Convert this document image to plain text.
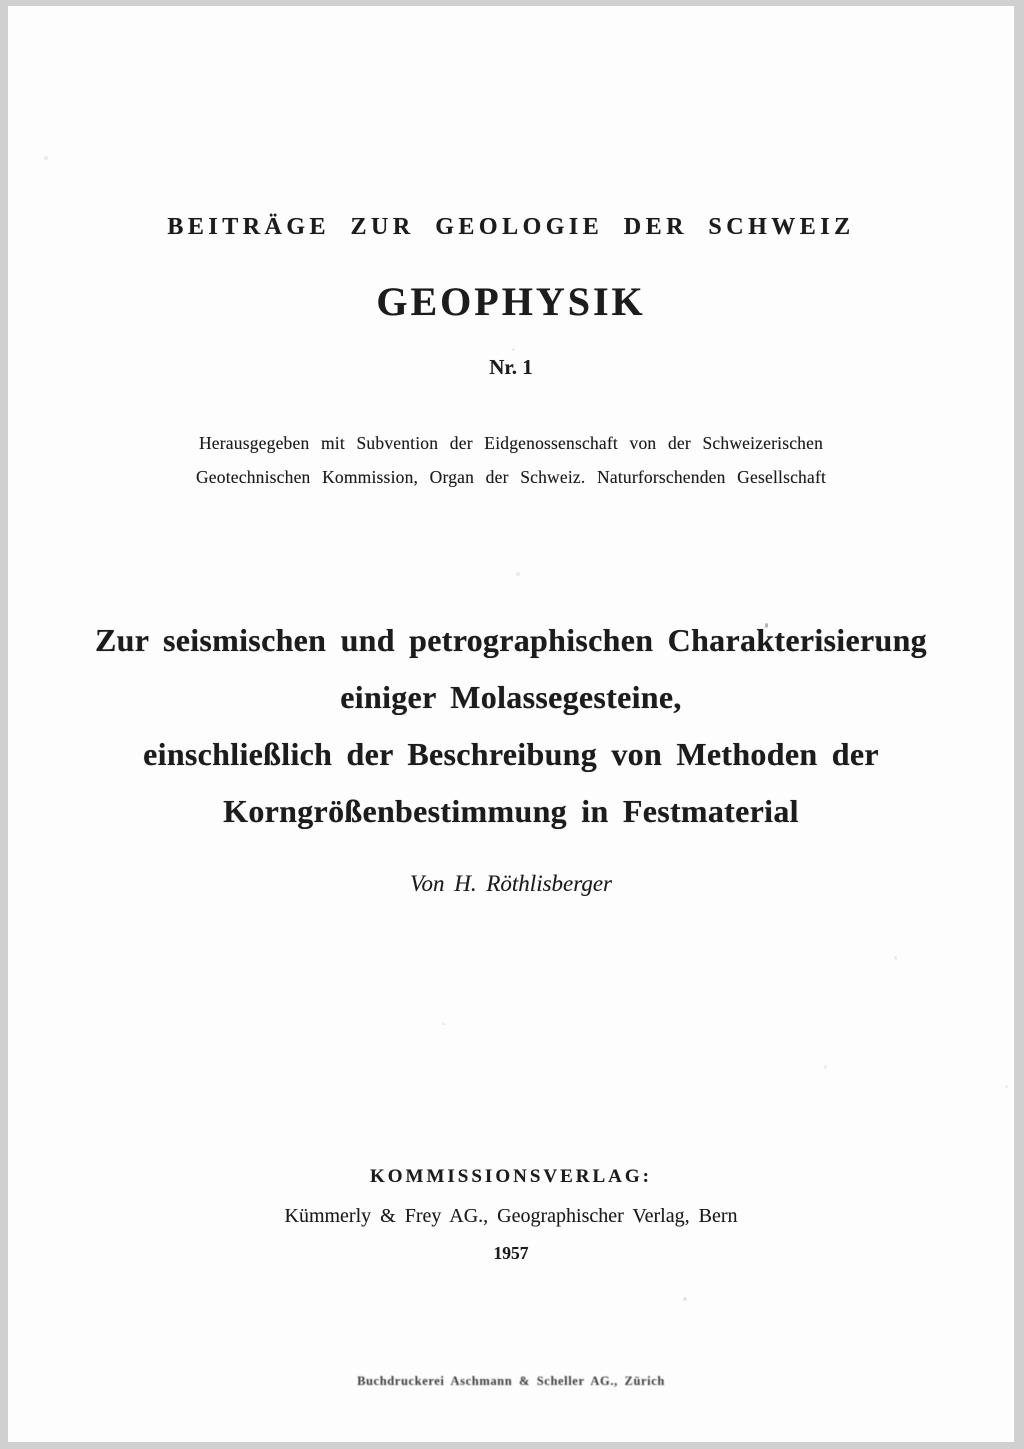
BEITRÄGE ZUR GEOLOGIE DER SCHWEIZ
GEOPHYSIK
Nr. 1
Herausgegeben mit Subvention der Eidgenossenschaft von der Schweizerischen
Geotechnischen Kommission, Organ der Schweiz. Naturforschenden Gesellschaft
Zur seismischen und petrographischen Charakterisierung
einiger Molassegesteine,
einschließlich der Beschreibung von Methoden der
Korngrößenbestimmung in Festmaterial
Von H. Röthlisberger
KOMMISSIONSVERLAG:
Kümmerly & Frey AG., Geographischer Verlag, Bern
1957
Buchdruckerei Aschmann & Scheller AG., Zürich
